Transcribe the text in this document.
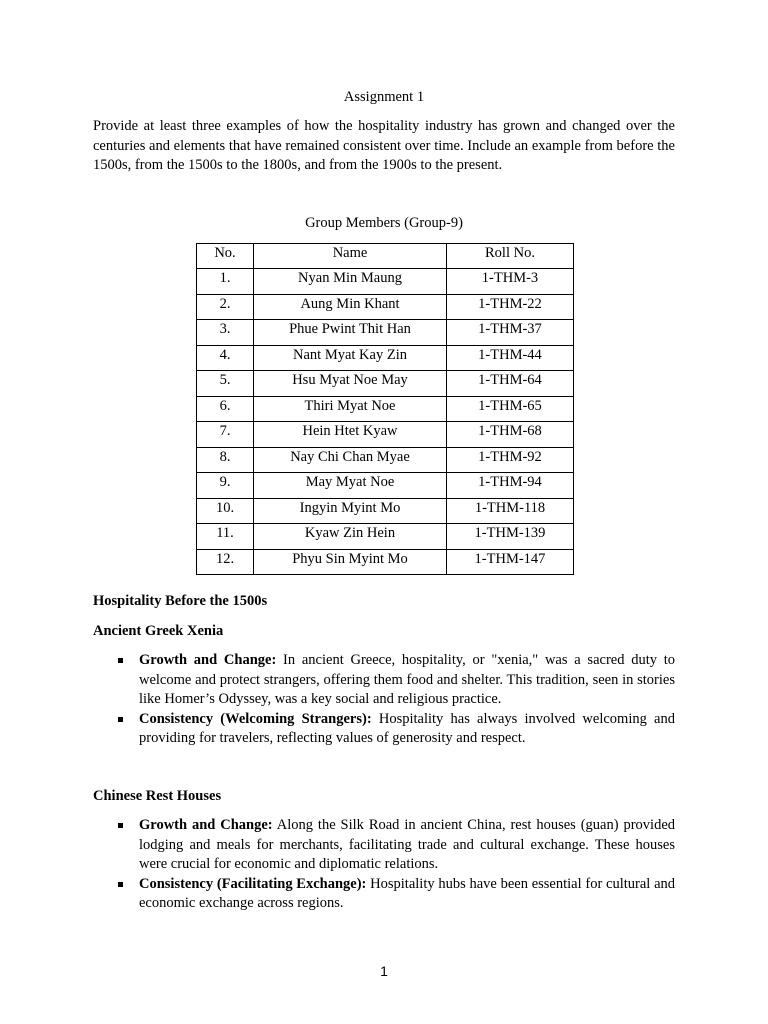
Assignment 1
Provide at least three examples of how the hospitality industry has grown and changed over the centuries and elements that have remained consistent over time. Include an example from before the 1500s, from the 1500s to the 1800s, and from the 1900s to the present.
Group Members (Group-9)
No.	Name	Roll No.
1.	Nyan Min Maung	1-THM-3
2.	Aung Min Khant	1-THM-22
3.	Phue Pwint Thit Han	1-THM-37
4.	Nant Myat Kay Zin	1-THM-44
5.	Hsu Myat Noe May	1-THM-64
6.	Thiri Myat Noe	1-THM-65
7.	Hein Htet Kyaw	1-THM-68
8.	Nay Chi Chan Myae	1-THM-92
9.	May Myat Noe	1-THM-94
10.	Ingyin Myint Mo	1-THM-118
11.	Kyaw Zin Hein	1-THM-139
12.	Phyu Sin Myint Mo	1-THM-147
Hospitality Before the 1500s
Ancient Greek Xenia
Growth and Change: In ancient Greece, hospitality, or "xenia," was a sacred duty to welcome and protect strangers, offering them food and shelter. This tradition, seen in stories like Homer’s Odyssey, was a key social and religious practice.
Consistency (Welcoming Strangers): Hospitality has always involved welcoming and providing for travelers, reflecting values of generosity and respect.
Chinese Rest Houses
Growth and Change: Along the Silk Road in ancient China, rest houses (guan) provided lodging and meals for merchants, facilitating trade and cultural exchange. These houses were crucial for economic and diplomatic relations.
Consistency (Facilitating Exchange): Hospitality hubs have been essential for cultural and economic exchange across regions.
1
